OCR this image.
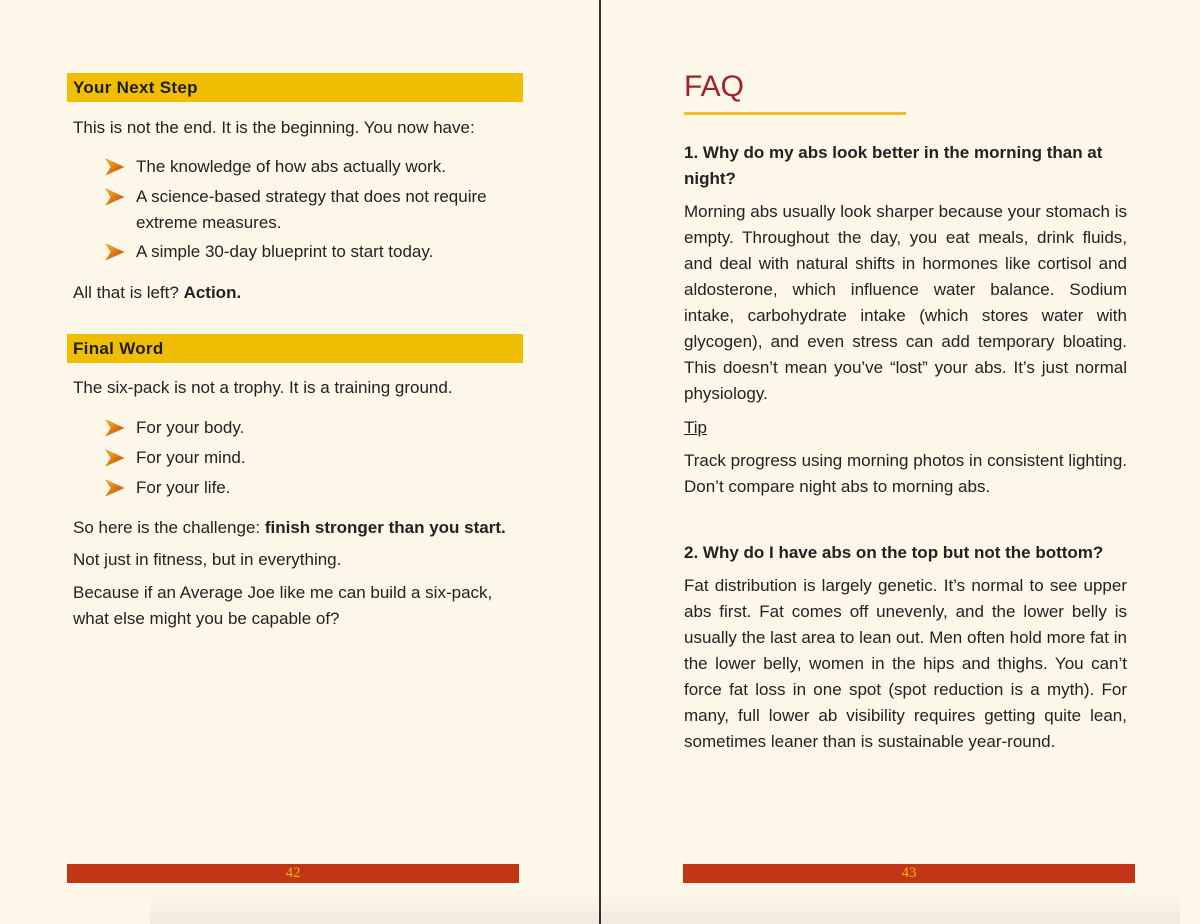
Your Next Step
This is not the end. It is the beginning. You now have:
The knowledge of how abs actually work.
A science-based strategy that does not require extreme measures.
A simple 30-day blueprint to start today.
All that is left? Action.
Final Word
The six-pack is not a trophy. It is a training ground.
For your body.
For your mind.
For your life.
So here is the challenge: finish stronger than you start.
Not just in fitness, but in everything.
Because if an Average Joe like me can build a six-pack, what else might you be capable of?
42
FAQ
1. Why do my abs look better in the morning than at night?
Morning abs usually look sharper because your stomach is empty. Throughout the day, you eat meals, drink fluids, and deal with natural shifts in hormones like cortisol and aldosterone, which influence water balance. Sodium intake, carbohydrate intake (which stores water with glycogen), and even stress can add temporary bloating. This doesn’t mean you’ve “lost” your abs. It’s just normal physiology.
Tip
Track progress using morning photos in consistent lighting. Don’t compare night abs to morning abs.
2. Why do I have abs on the top but not the bottom?
Fat distribution is largely genetic. It’s normal to see upper abs first. Fat comes off unevenly, and the lower belly is usually the last area to lean out. Men often hold more fat in the lower belly, women in the hips and thighs. You can’t force fat loss in one spot (spot reduction is a myth). For many, full lower ab visibility requires getting quite lean, sometimes leaner than is sustainable year-round.
43
